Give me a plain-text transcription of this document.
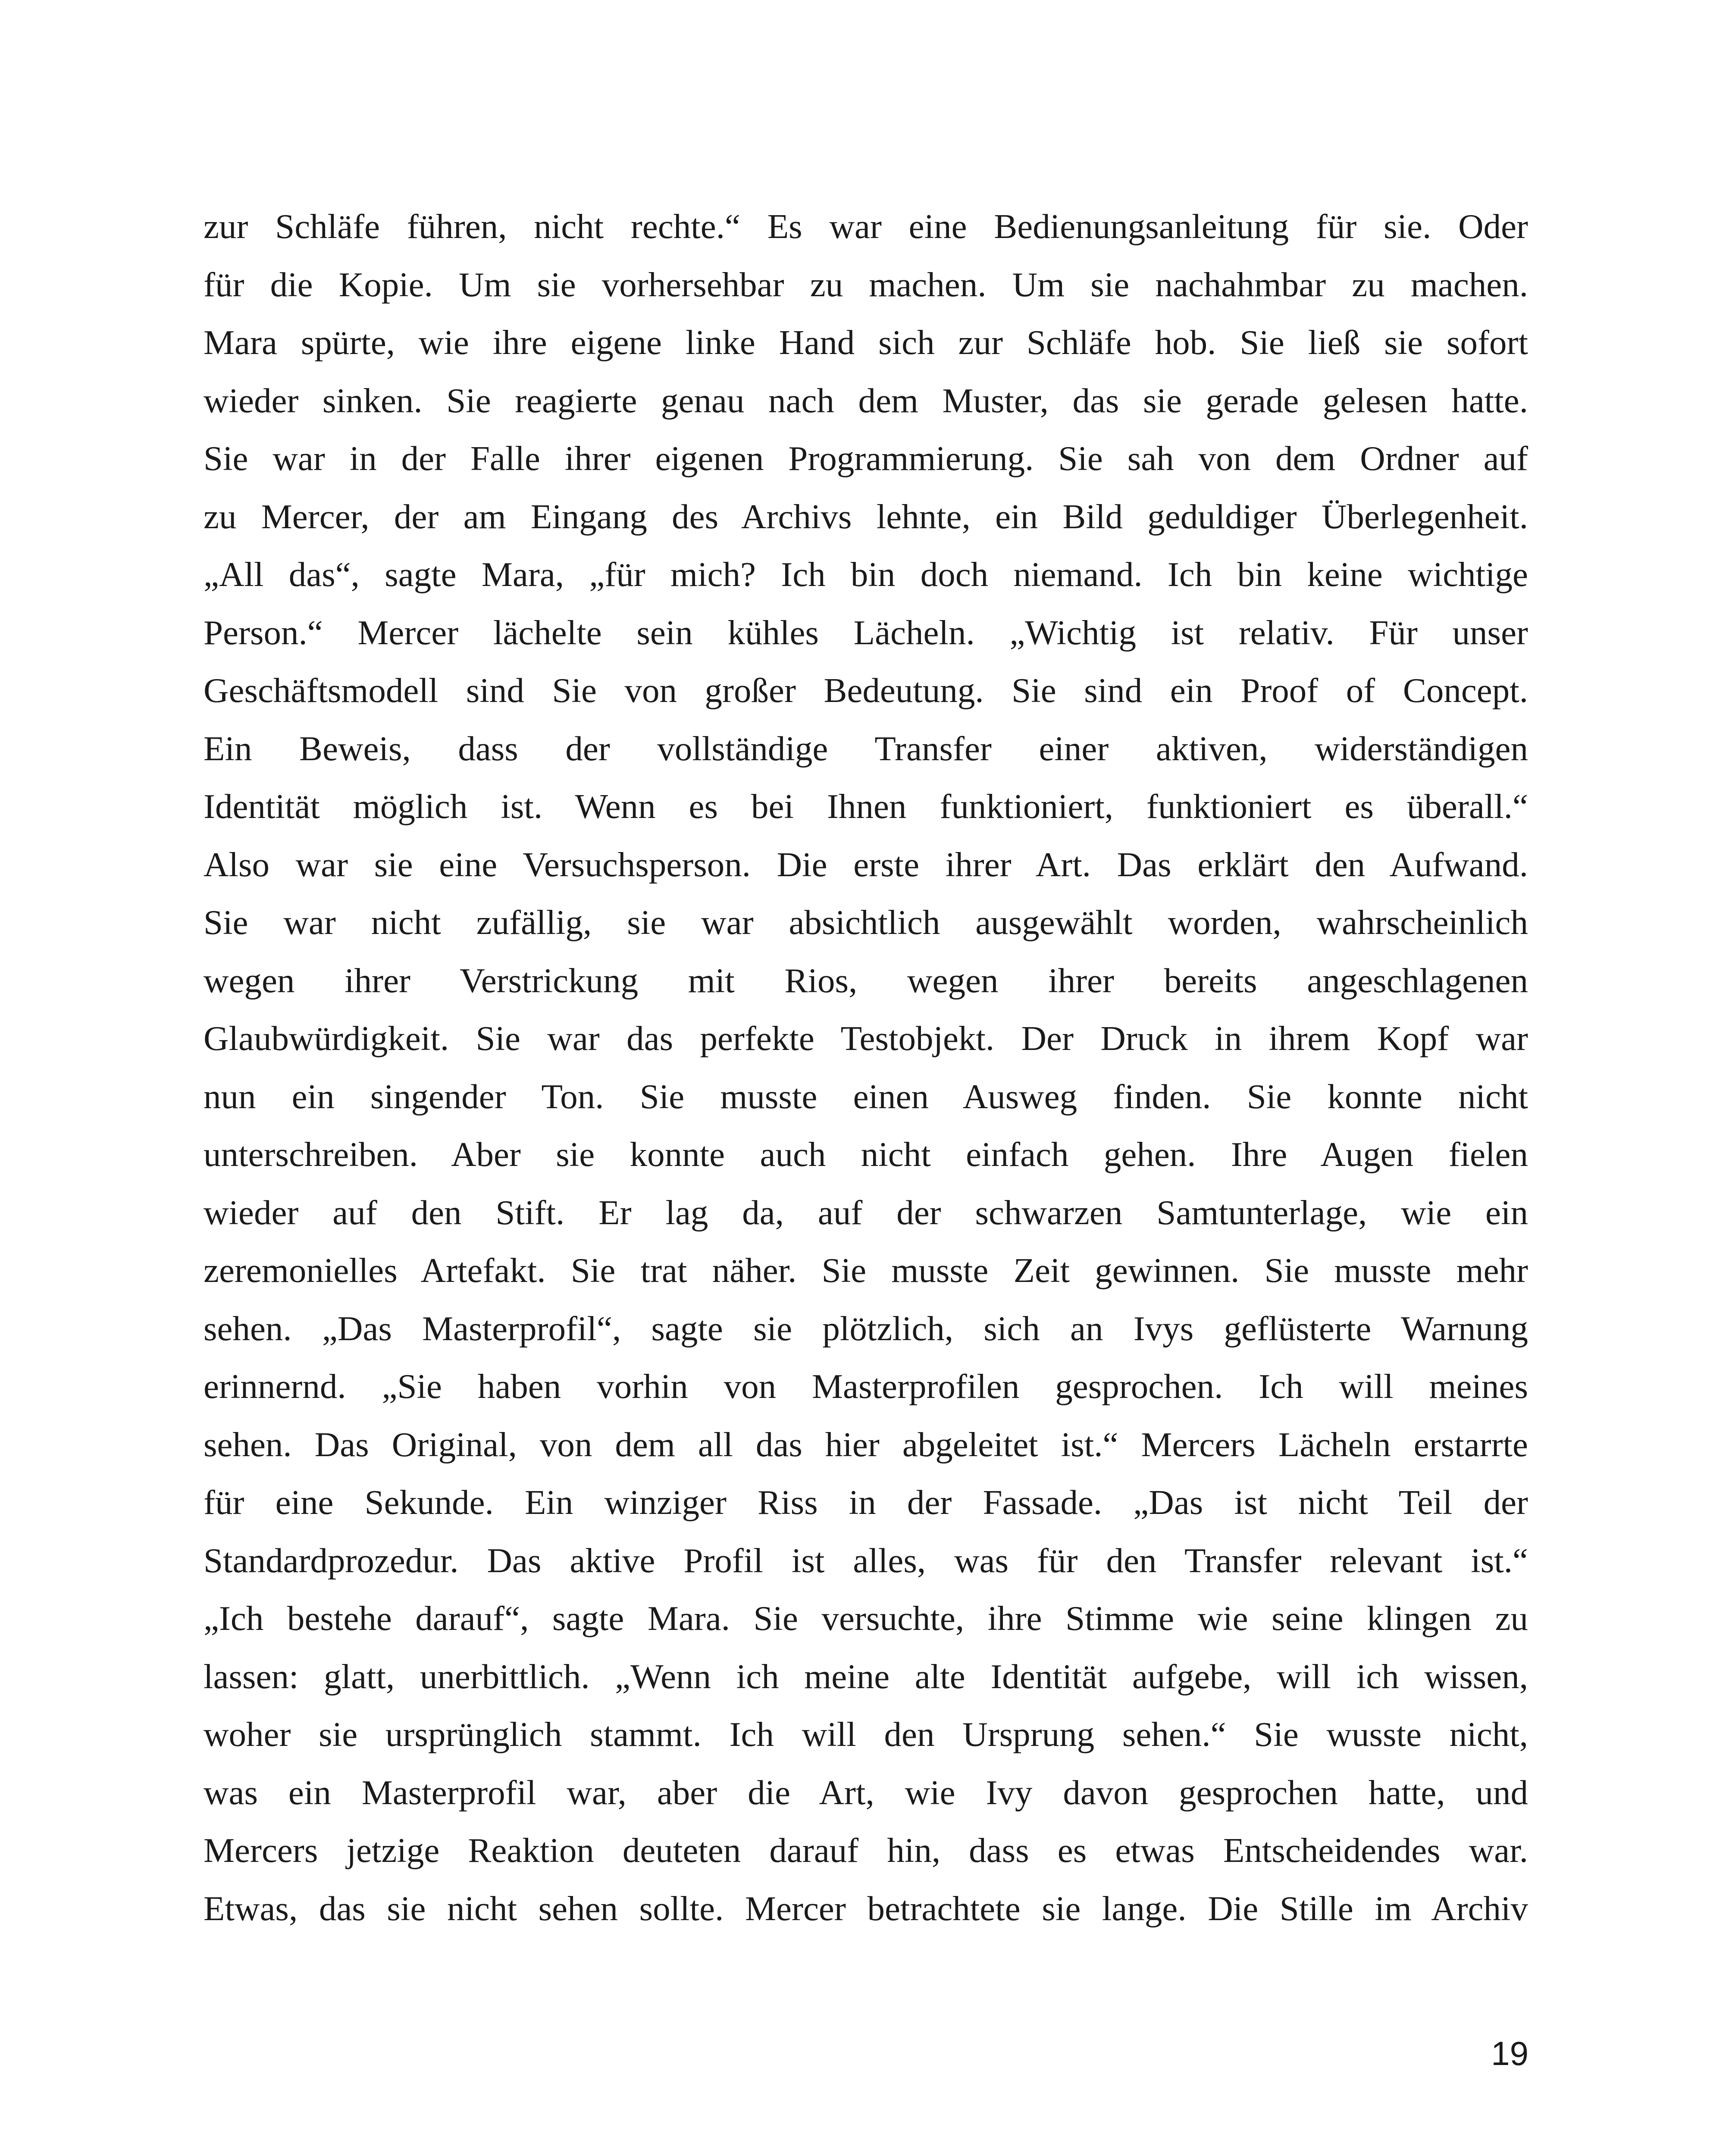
zur Schläfe führen, nicht rechte.“ Es war eine Bedienungsanleitung für sie. Oder
für die Kopie. Um sie vorhersehbar zu machen. Um sie nachahmbar zu machen.
Mara spürte, wie ihre eigene linke Hand sich zur Schläfe hob. Sie ließ sie sofort
wieder sinken. Sie reagierte genau nach dem Muster, das sie gerade gelesen hatte.
Sie war in der Falle ihrer eigenen Programmierung. Sie sah von dem Ordner auf
zu Mercer, der am Eingang des Archivs lehnte, ein Bild geduldiger Überlegenheit.
„All das“, sagte Mara, „für mich? Ich bin doch niemand. Ich bin keine wichtige
Person.“ Mercer lächelte sein kühles Lächeln. „Wichtig ist relativ. Für unser
Geschäftsmodell sind Sie von großer Bedeutung. Sie sind ein Proof of Concept.
Ein Beweis, dass der vollständige Transfer einer aktiven, widerständigen
Identität möglich ist. Wenn es bei Ihnen funktioniert, funktioniert es überall.“
Also war sie eine Versuchsperson. Die erste ihrer Art. Das erklärt den Aufwand.
Sie war nicht zufällig, sie war absichtlich ausgewählt worden, wahrscheinlich
wegen ihrer Verstrickung mit Rios, wegen ihrer bereits angeschlagenen
Glaubwürdigkeit. Sie war das perfekte Testobjekt. Der Druck in ihrem Kopf war
nun ein singender Ton. Sie musste einen Ausweg finden. Sie konnte nicht
unterschreiben. Aber sie konnte auch nicht einfach gehen. Ihre Augen fielen
wieder auf den Stift. Er lag da, auf der schwarzen Samtunterlage, wie ein
zeremonielles Artefakt. Sie trat näher. Sie musste Zeit gewinnen. Sie musste mehr
sehen. „Das Masterprofil“, sagte sie plötzlich, sich an Ivys geflüsterte Warnung
erinnernd. „Sie haben vorhin von Masterprofilen gesprochen. Ich will meines
sehen. Das Original, von dem all das hier abgeleitet ist.“ Mercers Lächeln erstarrte
für eine Sekunde. Ein winziger Riss in der Fassade. „Das ist nicht Teil der
Standardprozedur. Das aktive Profil ist alles, was für den Transfer relevant ist.“
„Ich bestehe darauf“, sagte Mara. Sie versuchte, ihre Stimme wie seine klingen zu
lassen: glatt, unerbittlich. „Wenn ich meine alte Identität aufgebe, will ich wissen,
woher sie ursprünglich stammt. Ich will den Ursprung sehen.“ Sie wusste nicht,
was ein Masterprofil war, aber die Art, wie Ivy davon gesprochen hatte, und
Mercers jetzige Reaktion deuteten darauf hin, dass es etwas Entscheidendes war.
Etwas, das sie nicht sehen sollte. Mercer betrachtete sie lange. Die Stille im Archiv
19
